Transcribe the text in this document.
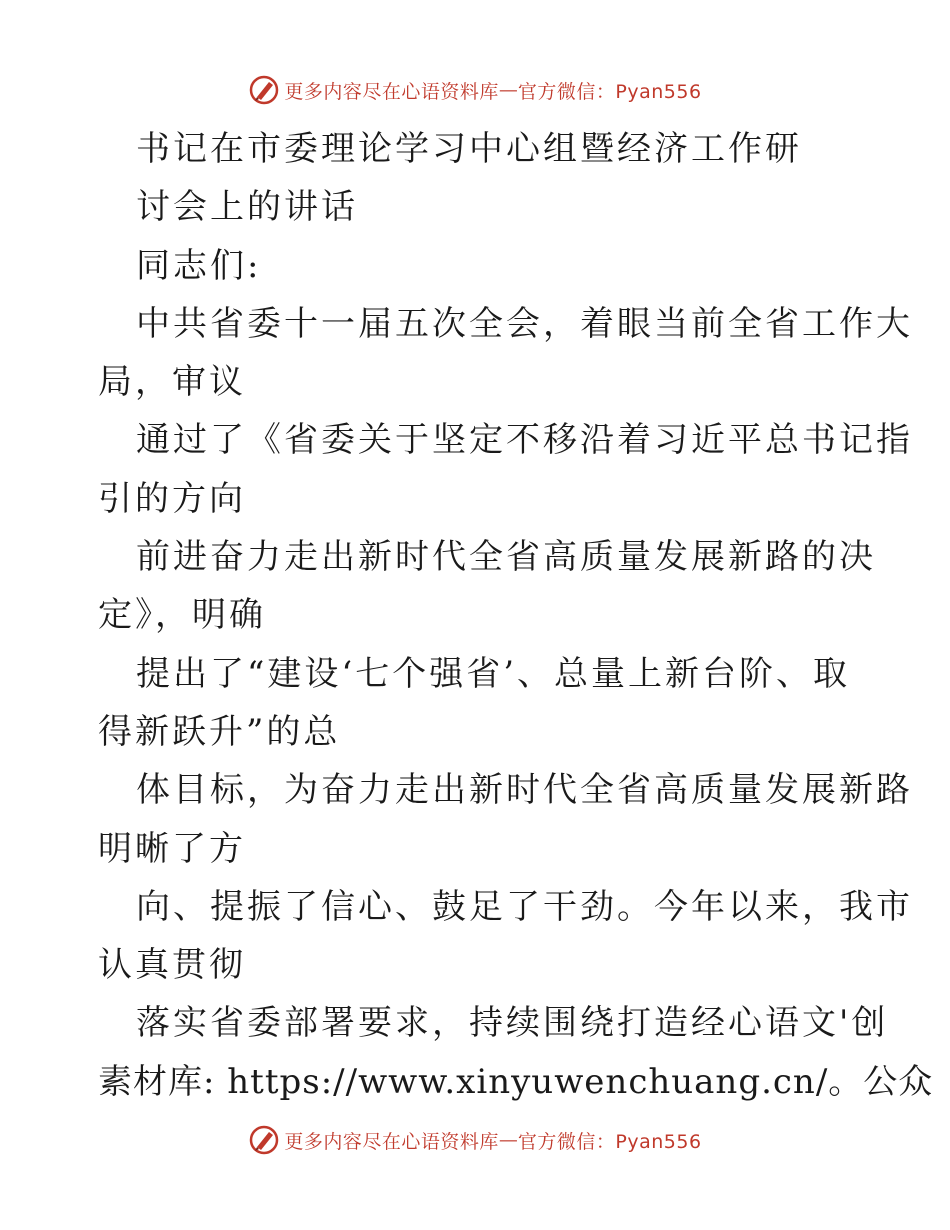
更多内容尽在心语资料库 — 官方微信：Pyan556
书记在市委理论学习中心组暨经济工作研
讨会上的讲话
同志们:
中共省委十一届五次全会，着眼当前全省工作大
局，审议
通过了《省委关于坚定不移沿着习近平总书记指
引的方向
前进奋力走出新时代全省高质量发展新路的决
定》，明确
提出了“建设‘七个强省’、总量上新台阶、取
得新跃升”的总
体目标，为奋力走出新时代全省高质量发展新路
明晰了方
向、提振了信心、鼓足了干劲。今年以来，我市
认真贯彻
落实省委部署要求，持续围绕打造经心语文'创
素材库: https://www.xinyuwenchuang.cn/。公众
更多内容尽在心语资料库 — 官方微信：Pyan556
